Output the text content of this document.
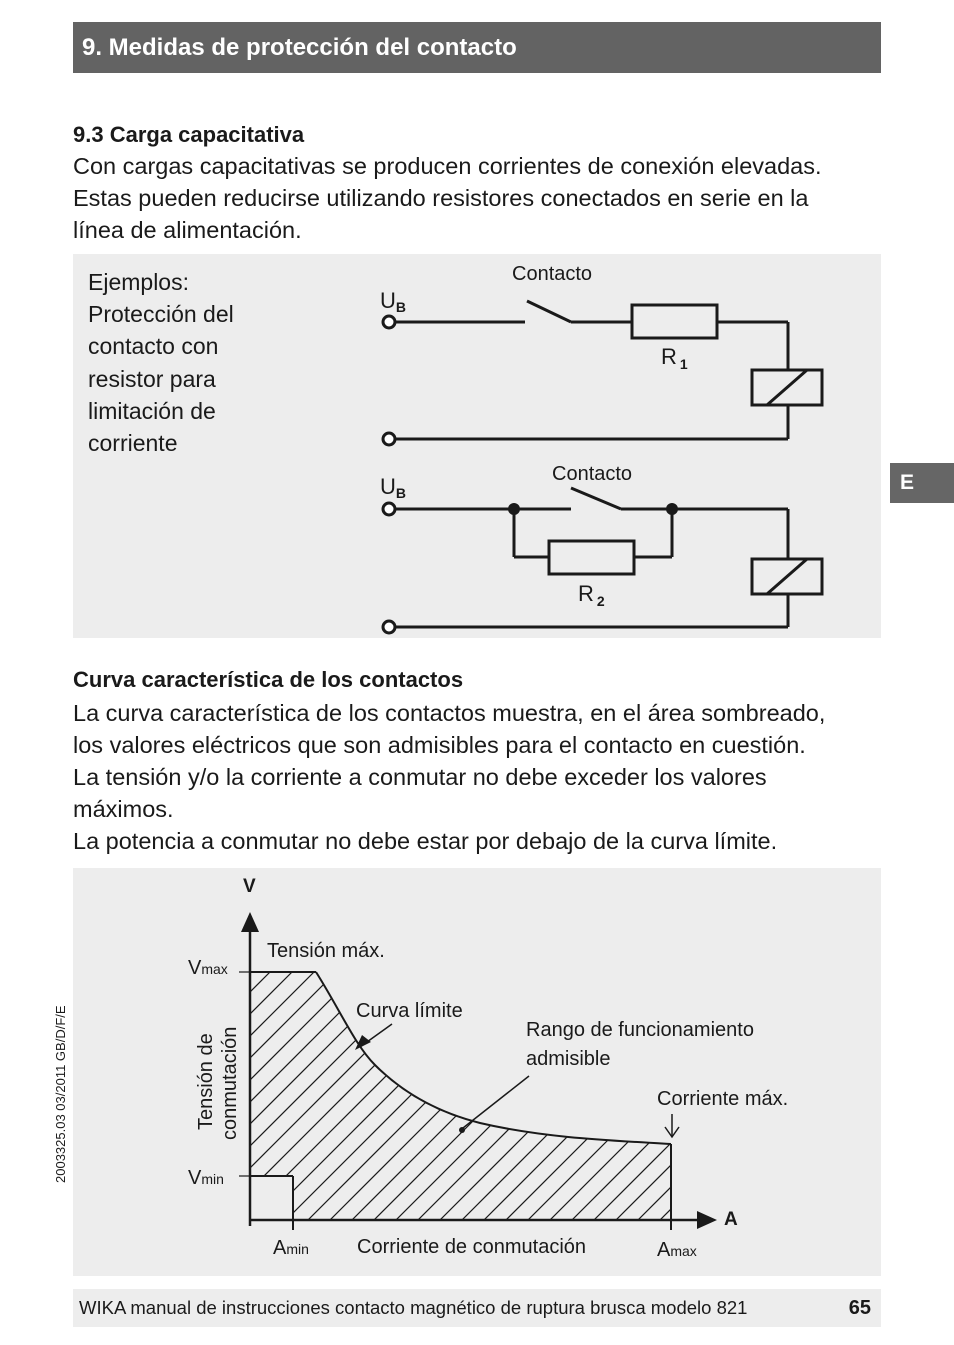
9. Medidas de protección del contacto
9.3 Carga capacitativa
Con cargas capacitativas se producen corrientes de conexión elevadas.
Estas pueden reducirse utilizando resistores conectados en serie en la
línea de alimentación.
Ejemplos:
Protección del
contacto con
resistor para
limitación de
corriente
Contacto
Contacto
UB
UB
R 1
R 2
Curva característica de los contactos
La curva característica de los contactos muestra, en el área sombreado,
los valores eléctricos que son admisibles para el contacto en cuestión.
La tensión y/o la corriente a conmutar no debe exceder los valores
máximos.
La potencia a conmutar no debe estar por debajo de la curva límite.
V
A
Vmax
Vmin
Amin	Amax
Tensión máx.
Curva límite
Rango de funcionamiento
admisible
Corriente máx.
Corriente de conmutación
Tensión de conmutación
E
2003325.03 03/2011 GB/D/F/E
WIKA manual de instrucciones contacto magnético de ruptura brusca modelo 821	65
